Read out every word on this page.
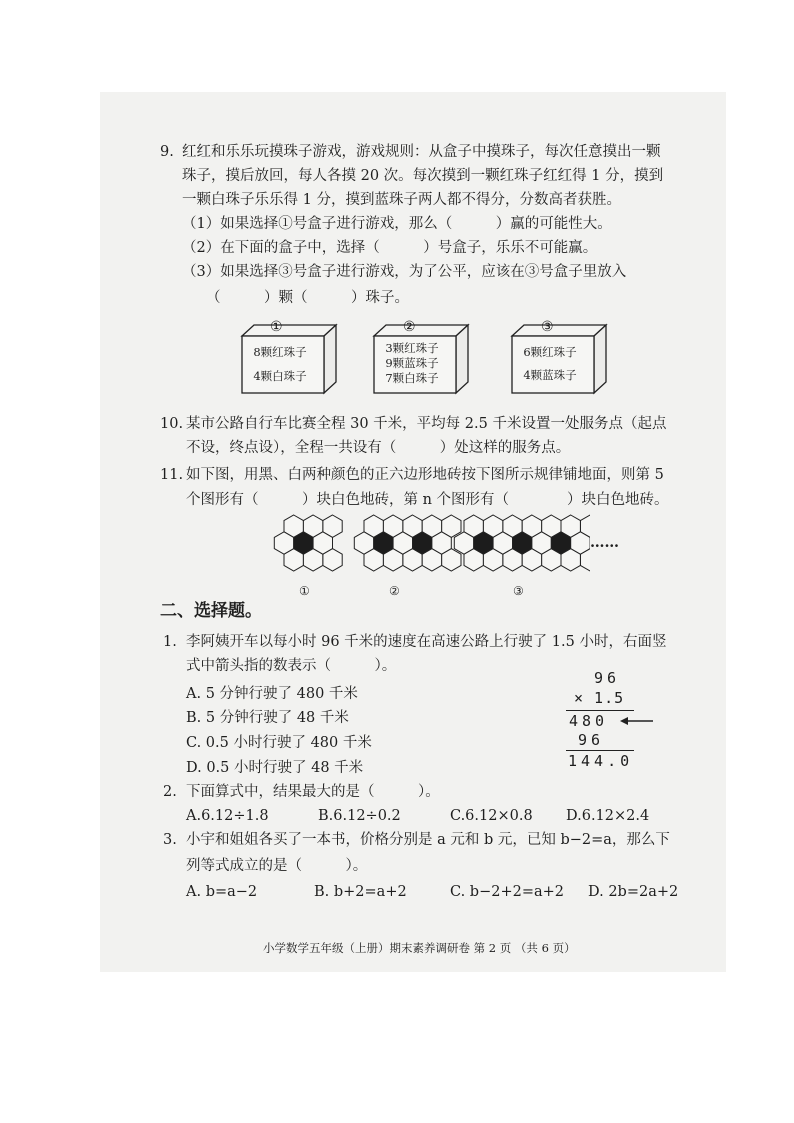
9. 红红和乐乐玩摸珠子游戏，游戏规则：从盒子中摸珠子，每次任意摸出一颗
珠子，摸后放回，每人各摸 20 次。每次摸到一颗红珠子红红得 1 分，摸到
一颗白珠子乐乐得 1 分，摸到蓝珠子两人都不得分，分数高者获胜。
（1）如果选择①号盒子进行游戏，那么（　　　）赢的可能性大。
（2）在下面的盒子中，选择（　　　）号盒子，乐乐不可能赢。
（3）如果选择③号盒子进行游戏，为了公平，应该在③号盒子里放入
（　　　）颗（　　　）珠子。
①
8颗红珠子
4颗白珠子
②
3颗红珠子
9颗蓝珠子
7颗白珠子
③
6颗红珠子
4颗蓝珠子
10. 某市公路自行车比赛全程 30 千米，平均每 2.5 千米设置一处服务点（起点
不设，终点设），全程一共设有（　　　）处这样的服务点。
11. 如下图，用黑、白两种颜色的正六边形地砖按下图所示规律铺地面，则第 5
个图形有（　　　）块白色地砖，第 n 个图形有（　　　　）块白色地砖。
①	②	③
……
二、选择题。
1. 李阿姨开车以每小时 96 千米的速度在高速公路上行驶了 1.5 小时，右面竖
式中箭头指的数表示（　　　）。
A. 5 分钟行驶了 480 千米
B. 5 分钟行驶了 48 千米
C. 0.5 小时行驶了 480 千米
D. 0.5 小时行驶了 48 千米
96
× 1.5
480
96
144.0
2. 下面算式中，结果最大的是（　　　）。
A.6.12÷1.8	B.6.12÷0.2	C.6.12×0.8 D.6.12×2.4
3. 小宇和姐姐各买了一本书，价格分别是 a 元和 b 元，已知 b−2=a，那么下
列等式成立的是（　　　）。
A. b=a−2	B. b+2=a+2	C. b−2+2=a+2 D. 2b=2a+2
小学数学五年级（上册）期末素养调研卷 第 2 页 （共 6 页）
